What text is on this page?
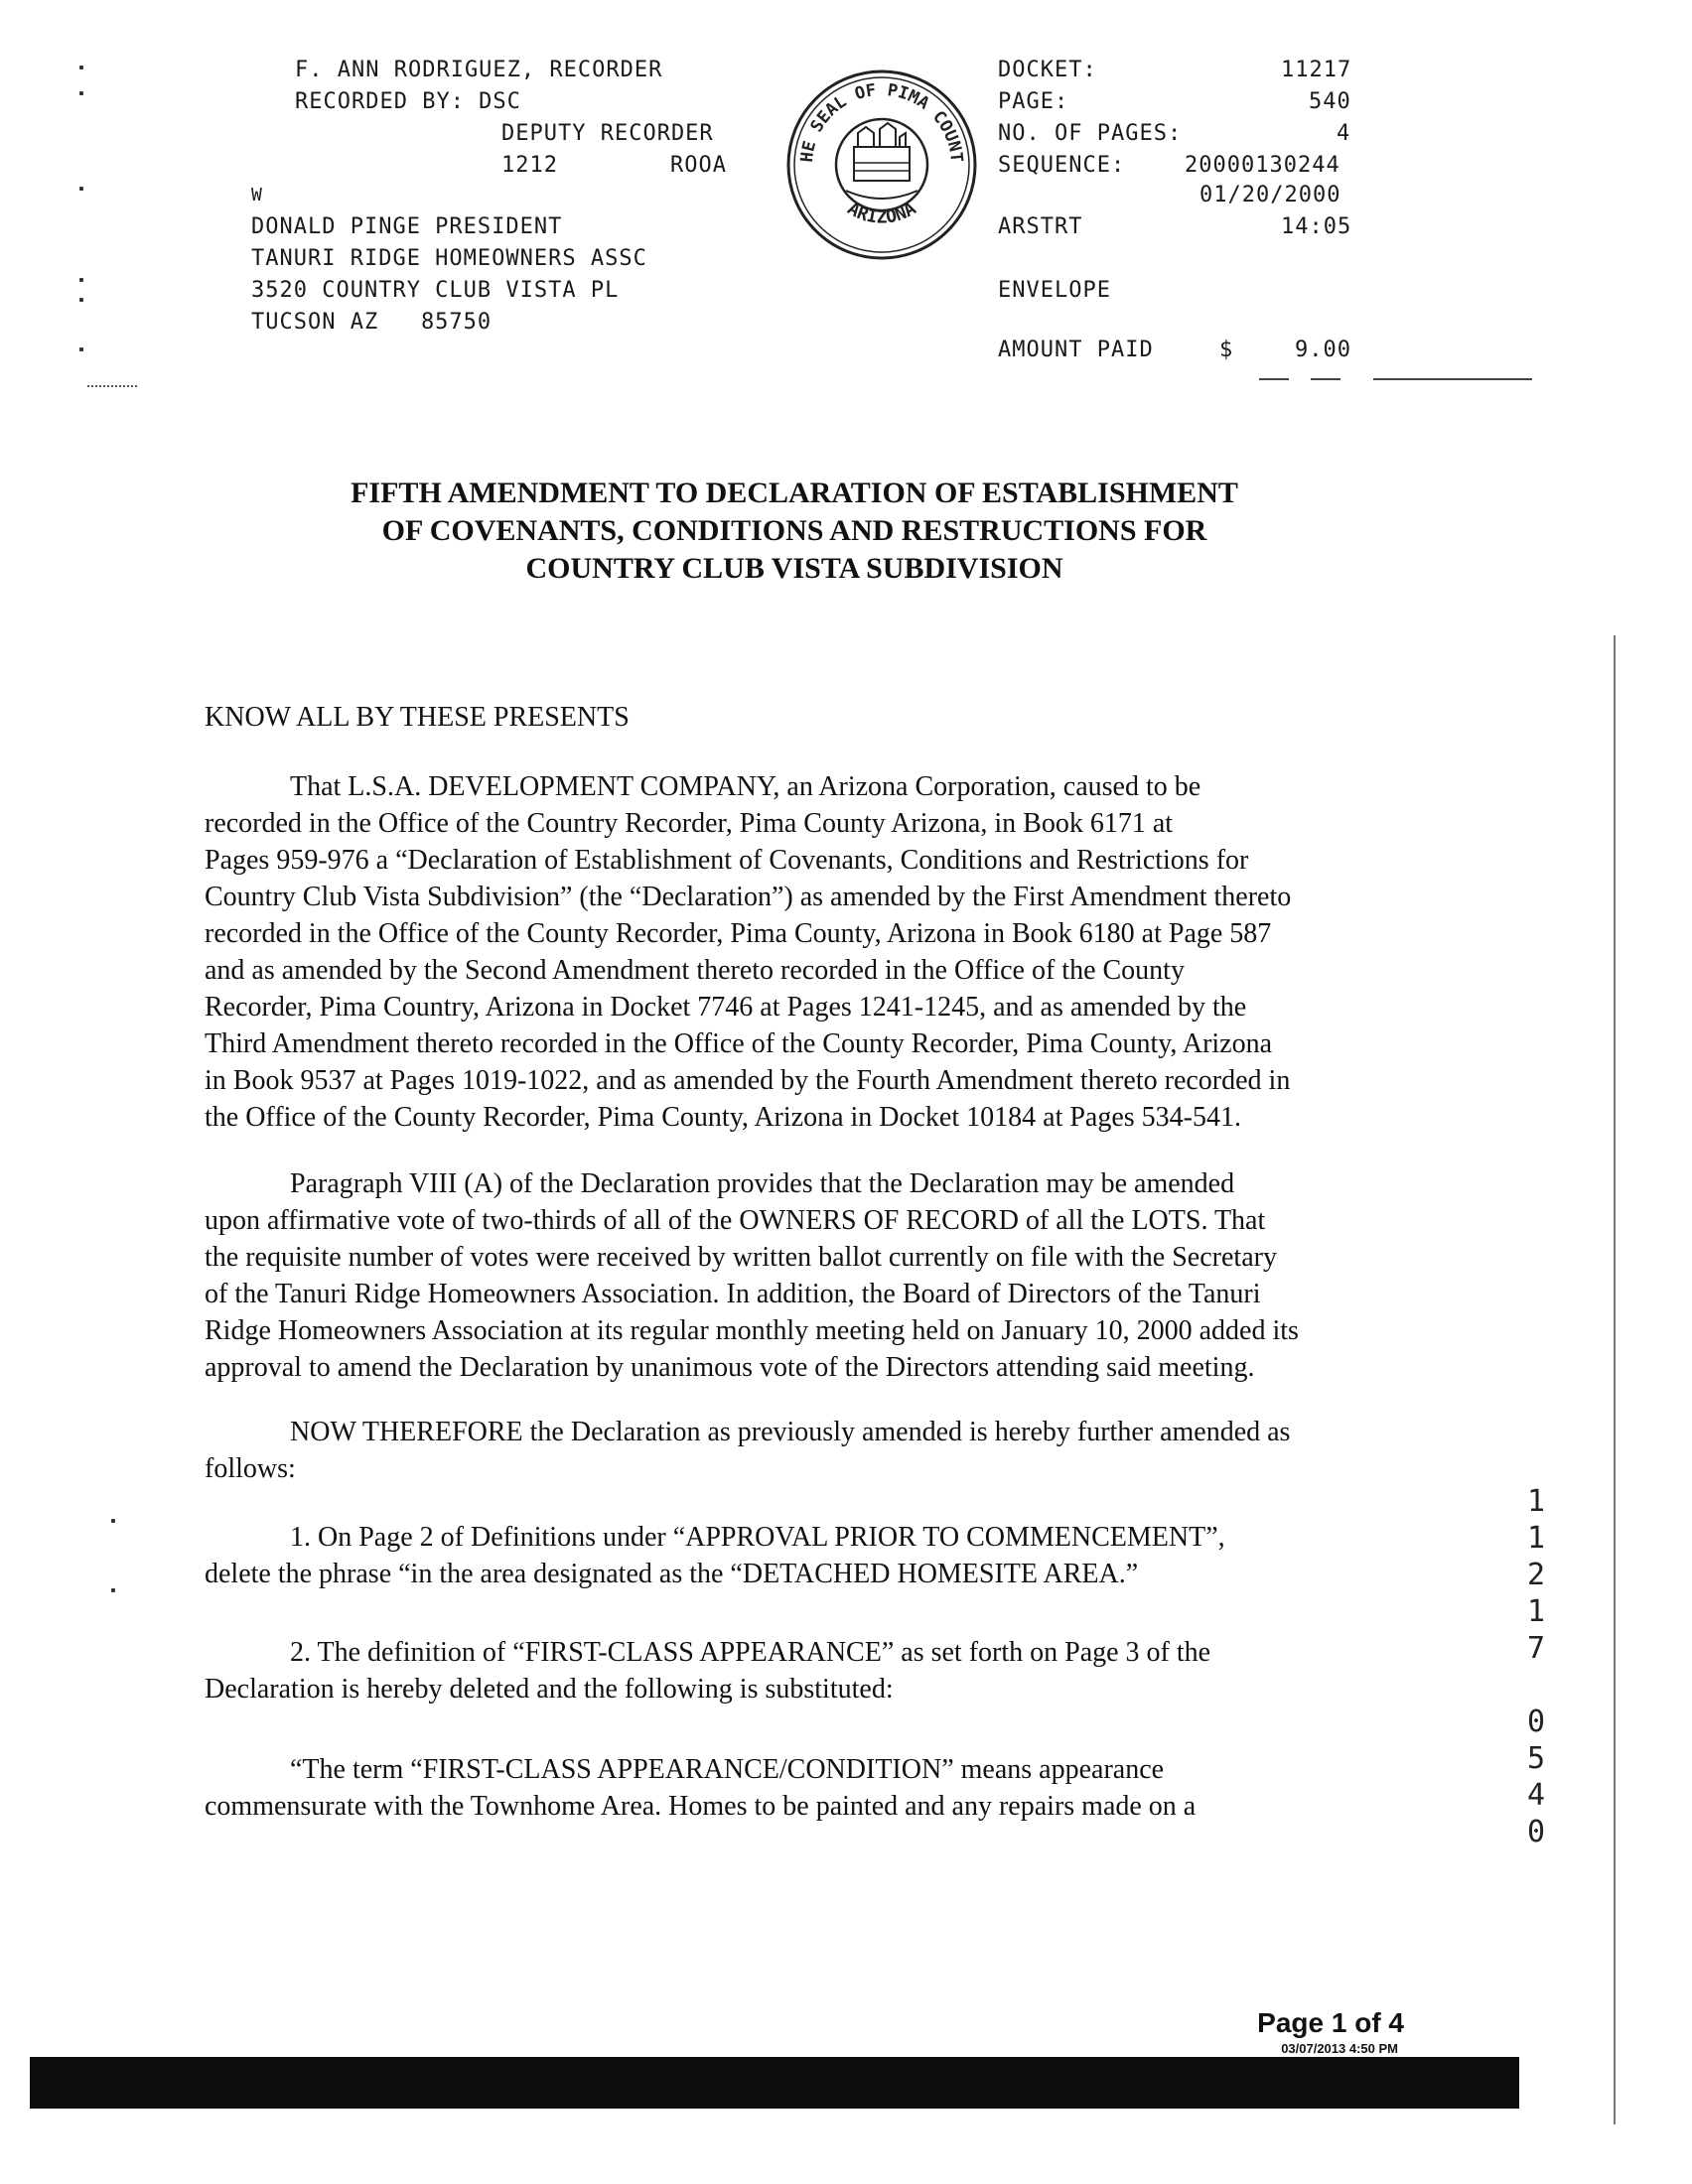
F. ANN RODRIGUEZ, RECORDER
RECORDED BY: DSC
DEPUTY RECORDER
1212	ROOA
W
DONALD PINGE PRESIDENT
TANURI RIDGE HOMEOWNERS ASSC
3520 COUNTRY CLUB VISTA PL
TUCSON AZ   85750
HE SEAL OF PIMA COUNT
ARIZONA
DOCKET:	11217
PAGE:	540
NO. OF PAGES:	4
SEQUENCE:	20000130244
01/20/2000
ARSTRT	14:05
ENVELOPE
AMOUNT PAID	$	9.00
FIFTH AMENDMENT TO DECLARATION OF ESTABLISHMENT
OF COVENANTS, CONDITIONS AND RESTRUCTIONS FOR
COUNTRY CLUB VISTA SUBDIVISION
KNOW ALL BY THESE PRESENTS
That L.S.A. DEVELOPMENT COMPANY, an Arizona Corporation, caused to be
recorded in the Office of the Country Recorder, Pima County Arizona, in Book 6171 at
Pages 959-976 a “Declaration of Establishment of Covenants, Conditions and Restrictions for
Country Club Vista Subdivision” (the “Declaration”) as amended by the First Amendment thereto
recorded in the Office of the County Recorder, Pima County, Arizona in Book 6180 at Page 587
and as amended by the Second Amendment thereto recorded in the Office of the County
Recorder, Pima Country, Arizona in Docket 7746 at Pages 1241-1245, and as amended by the
Third Amendment thereto recorded in the Office of the County Recorder, Pima County, Arizona
in Book 9537 at Pages 1019-1022, and as amended by the Fourth Amendment thereto recorded in
the Office of the County Recorder, Pima County, Arizona in Docket 10184 at Pages 534-541.
Paragraph VIII (A) of the Declaration provides that the Declaration may be amended
upon affirmative vote of two-thirds of all of the OWNERS OF RECORD of all the LOTS. That
the requisite number of votes were received by written ballot currently on file with the Secretary
of the Tanuri Ridge Homeowners Association. In addition, the Board of Directors of the Tanuri
Ridge Homeowners Association at its regular monthly meeting held on January 10, 2000 added its
approval to amend the Declaration by unanimous vote of the Directors attending said meeting.
NOW THEREFORE the Declaration as previously amended is hereby further amended as
follows:
1. On Page 2 of Definitions under “APPROVAL PRIOR TO COMMENCEMENT”,
delete the phrase “in the area designated as the “DETACHED HOMESITE AREA.”
2. The definition of “FIRST-CLASS APPEARANCE” as set forth on Page 3 of the
Declaration is hereby deleted and the following is substituted:
“The term “FIRST-CLASS APPEARANCE/CONDITION” means appearance
commensurate with the Townhome Area. Homes to be painted and any repairs made on a
1
1
2
1
7
0
5
4
0
Page 1 of 4
03/07/2013 4:50 PM
